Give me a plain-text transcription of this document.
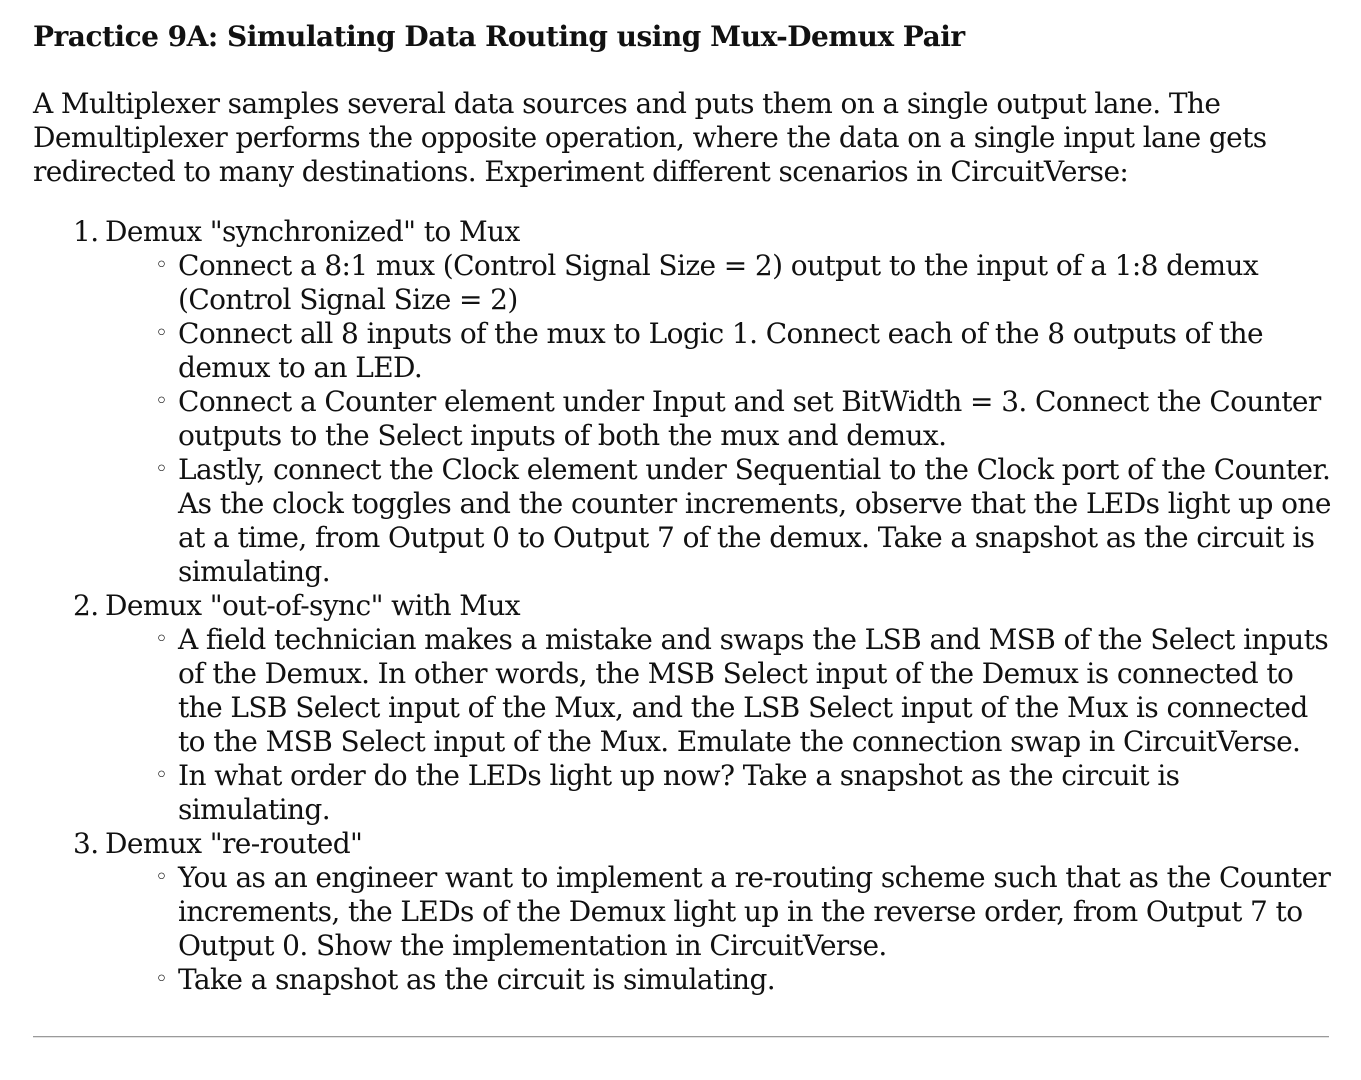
Practice 9A: Simulating Data Routing using Mux-Demux Pair

A Multiplexer samples several data sources and puts them on a single output lane. The Demultiplexer performs the opposite operation, where the data on a single input lane gets redirected to many destinations. Experiment different scenarios in CircuitVerse:

1. Demux "synchronized" to Mux
◦ Connect a 8:1 mux (Control Signal Size = 2) output to the input of a 1:8 demux (Control Signal Size = 2)
◦ Connect all 8 inputs of the mux to Logic 1. Connect each of the 8 outputs of the demux to an LED.
◦ Connect a Counter element under Input and set BitWidth = 3. Connect the Counter outputs to the Select inputs of both the mux and demux.
◦ Lastly, connect the Clock element under Sequential to the Clock port of the Counter. As the clock toggles and the counter increments, observe that the LEDs light up one at a time, from Output 0 to Output 7 of the demux. Take a snapshot as the circuit is simulating.
2. Demux "out-of-sync" with Mux
◦ A field technician makes a mistake and swaps the LSB and MSB of the Select inputs of the Demux. In other words, the MSB Select input of the Demux is connected to the LSB Select input of the Mux, and the LSB Select input of the Mux is connected to the MSB Select input of the Mux. Emulate the connection swap in CircuitVerse.
◦ In what order do the LEDs light up now? Take a snapshot as the circuit is simulating.
3. Demux "re-routed"
◦ You as an engineer want to implement a re-routing scheme such that as the Counter increments, the LEDs of the Demux light up in the reverse order, from Output 7 to Output 0. Show the implementation in CircuitVerse.
◦ Take a snapshot as the circuit is simulating.
